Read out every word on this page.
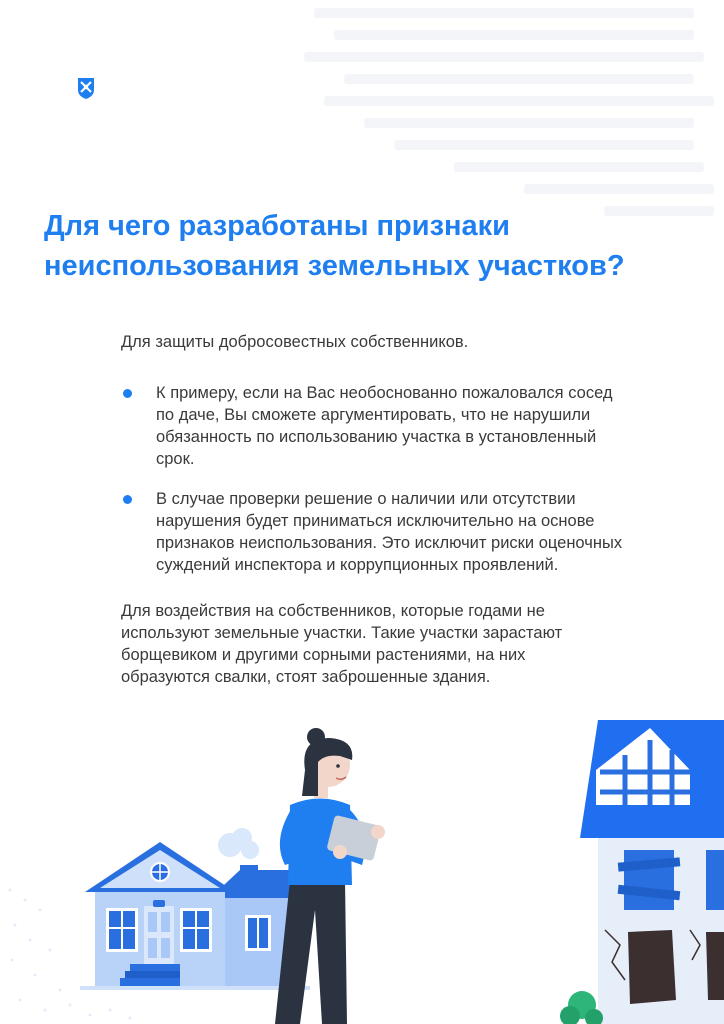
Для чего разработаны признаки
неиспользования земельных участков?

Для защиты добросовестных собственников.

К примеру, если на Вас необоснованно пожаловался сосед
по даче, Вы сможете аргументировать, что не нарушили
обязанность по использованию участка в установленный
срок.
В случае проверки решение о наличии или отсутствии
нарушения будет приниматься исключительно на основе
признаков неиспользования. Это исключит риски оценочных
суждений инспектора и коррупционных проявлений.

Для воздействия на собственников, которые годами не
используют земельные участки. Такие участки зарастают
борщевиком и другими сорными растениями, на них
образуются свалки, стоят заброшенные здания.
